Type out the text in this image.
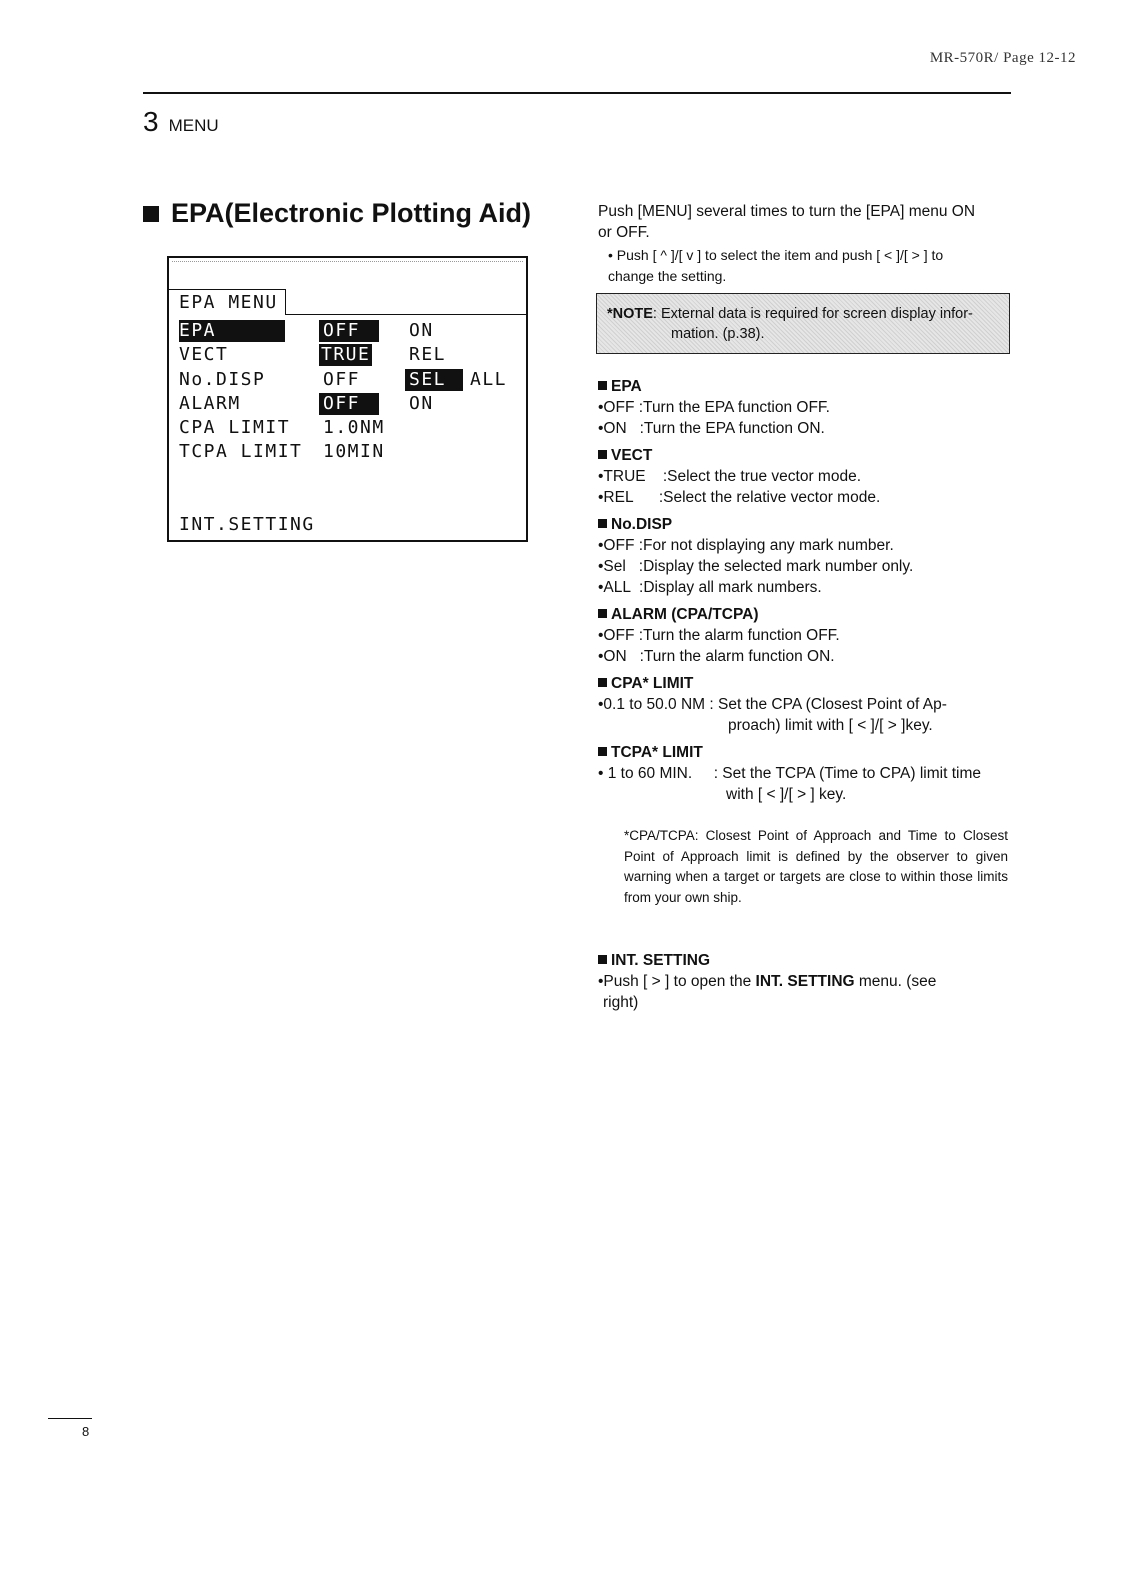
MR-570R/ Page 12-12
3 MENU
EPA(Electronic Plotting Aid)
EPA MENU
EPA	OFF	ON
VECT	TRUE REL
No.DISP	OFF	SEL	ALL
ALARM	OFF	ON
CPA LIMIT 1.0NM
TCPA LIMIT 10MIN
INT.SETTING
Push [MENU] several times to turn the [EPA] menu ON
or OFF.
• Push [ ^ ]/[ v ] to select the item and push [ < ]/[ > ] to
change the setting.
*NOTE: External data is required for screen display infor-
mation. (p.38).
EPA
•OFF : Turn the EPA function OFF.
•ON   : Turn the EPA function ON.
VECT
•TRUE    : Select the true vector mode.
•REL      : Select the relative vector mode.
No.DISP
•OFF : For not displaying any mark number.
•Sel   : Display the selected mark number only.
•ALL  : Display all mark numbers.
ALARM (CPA/TCPA)
•OFF : Turn the alarm function OFF.
•ON   : Turn the alarm function ON.
CPA* LIMIT
•0.1 to 50.0 NM : Set the CPA (Closest Point of Ap-
proach) limit with [ < ]/[ > ]key.
TCPA* LIMIT
• 1 to 60 MIN.     : Set the TCPA (Time to CPA) limit time
with [ < ]/[ > ] key.
*CPA/TCPA: Closest Point of Approach and Time to Closest Point of Approach limit is defined by the observer to given warning when a target or targets are close to within those limits from your own ship.
INT. SETTING
•Push [ > ] to open the INT. SETTING menu. (see
right)
8
